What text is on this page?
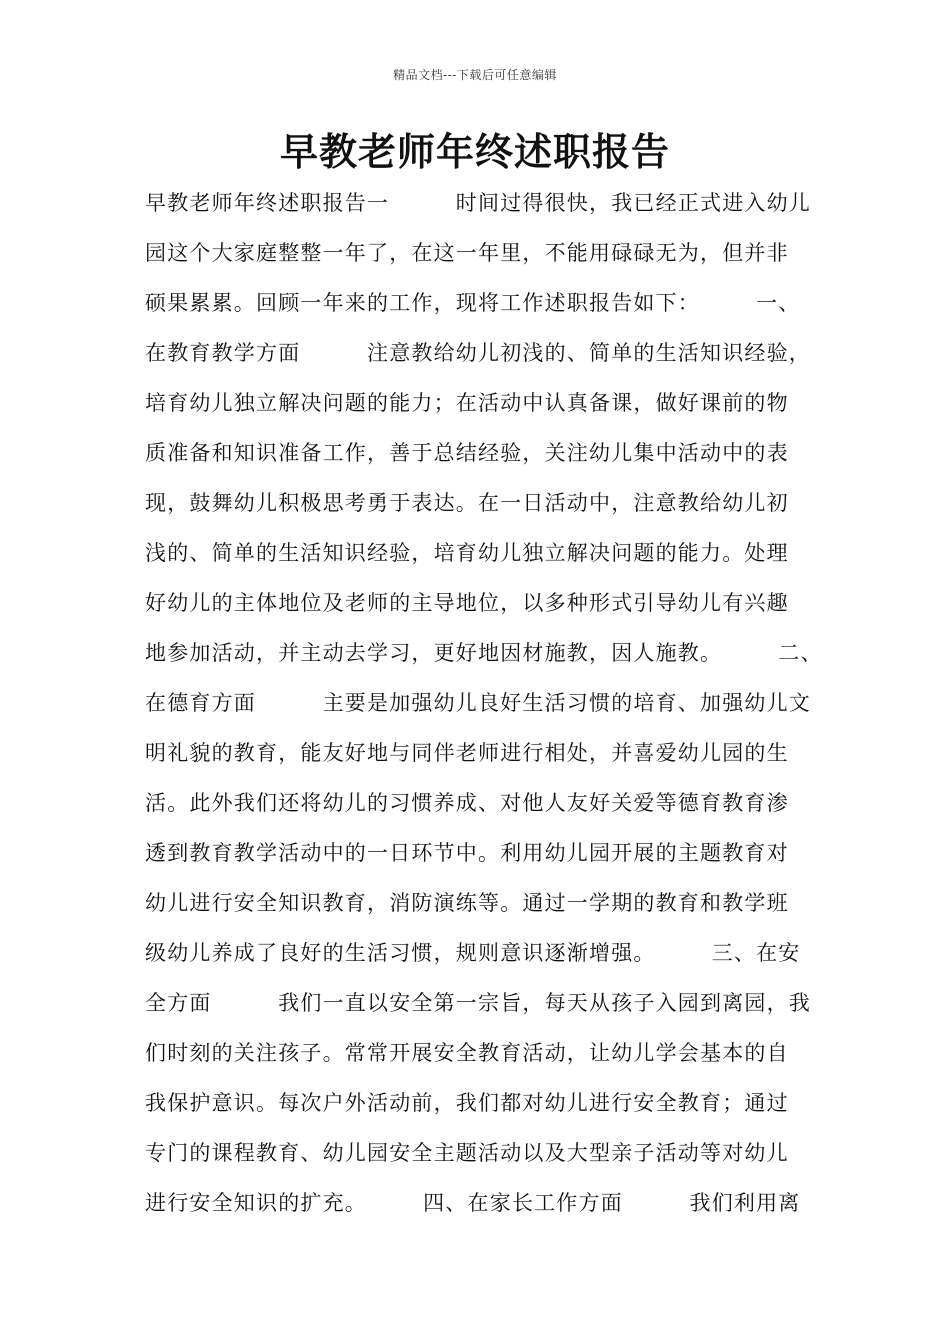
精品文档---下载后可任意编辑
早教老师年终述职报告
早教老师年终述职报告一　　　时间过得很快，我已经正式进入幼儿
园这个大家庭整整一年了，在这一年里，不能用碌碌无为，但并非
硕果累累。回顾一年来的工作，现将工作述职报告如下：　　　一、
在教育教学方面　　　注意教给幼儿初浅的、简单的生活知识经验，
培育幼儿独立解决问题的能力；在活动中认真备课，做好课前的物
质准备和知识准备工作，善于总结经验，关注幼儿集中活动中的表
现，鼓舞幼儿积极思考勇于表达。在一日活动中，注意教给幼儿初
浅的、简单的生活知识经验，培育幼儿独立解决问题的能力。处理
好幼儿的主体地位及老师的主导地位，以多种形式引导幼儿有兴趣
地参加活动，并主动去学习，更好地因材施教，因人施教。　　　二、
在德育方面　　　主要是加强幼儿良好生活习惯的培育、加强幼儿文
明礼貌的教育，能友好地与同伴老师进行相处，并喜爱幼儿园的生
活。此外我们还将幼儿的习惯养成、对他人友好关爱等德育教育渗
透到教育教学活动中的一日环节中。利用幼儿园开展的主题教育对
幼儿进行安全知识教育，消防演练等。通过一学期的教育和教学班
级幼儿养成了良好的生活习惯，规则意识逐渐增强。　　　三、在安
全方面　　　我们一直以安全第一宗旨，每天从孩子入园到离园，我
们时刻的关注孩子。常常开展安全教育活动，让幼儿学会基本的自
我保护意识。每次户外活动前，我们都对幼儿进行安全教育；通过
专门的课程教育、幼儿园安全主题活动以及大型亲子活动等对幼儿
进行安全知识的扩充。　　　四、在家长工作方面　　　我们利用离
